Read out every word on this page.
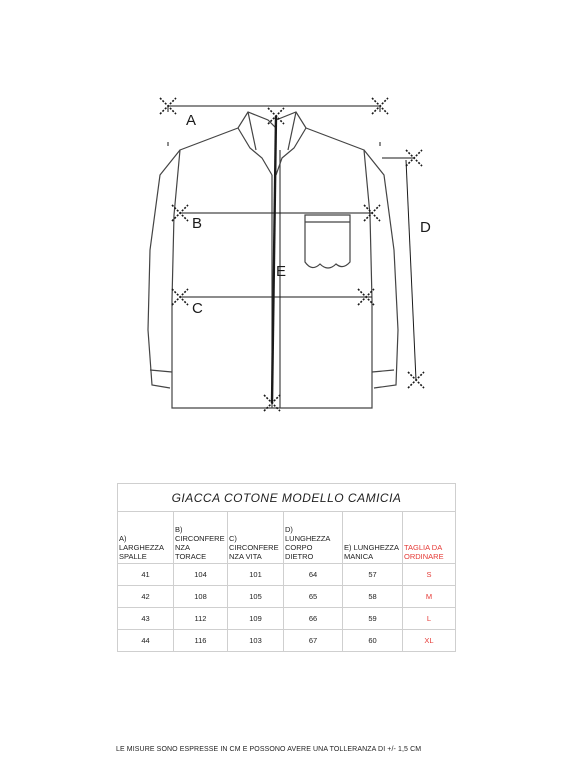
A
B
C
D
E
GIACCA COTONE MODELLO CAMICIA					
A)
LARGHEZZA
SPALLE	B)
CIRCONFERE
NZA
TORACE	C)
CIRCONFERE
NZA VITA	D)
LUNGHEZZA
CORPO
DIETRO	E) LUNGHEZZA
MANICA	TAGLIA DA
ORDINARE
41	104	101	64	57	S
42	108	105	65	58	M
43	112	109	66	59	L
44	116	103	67	60	XL
LE MISURE SONO ESPRESSE IN CM E POSSONO AVERE UNA TOLLERANZA DI +/- 1,5 CM
